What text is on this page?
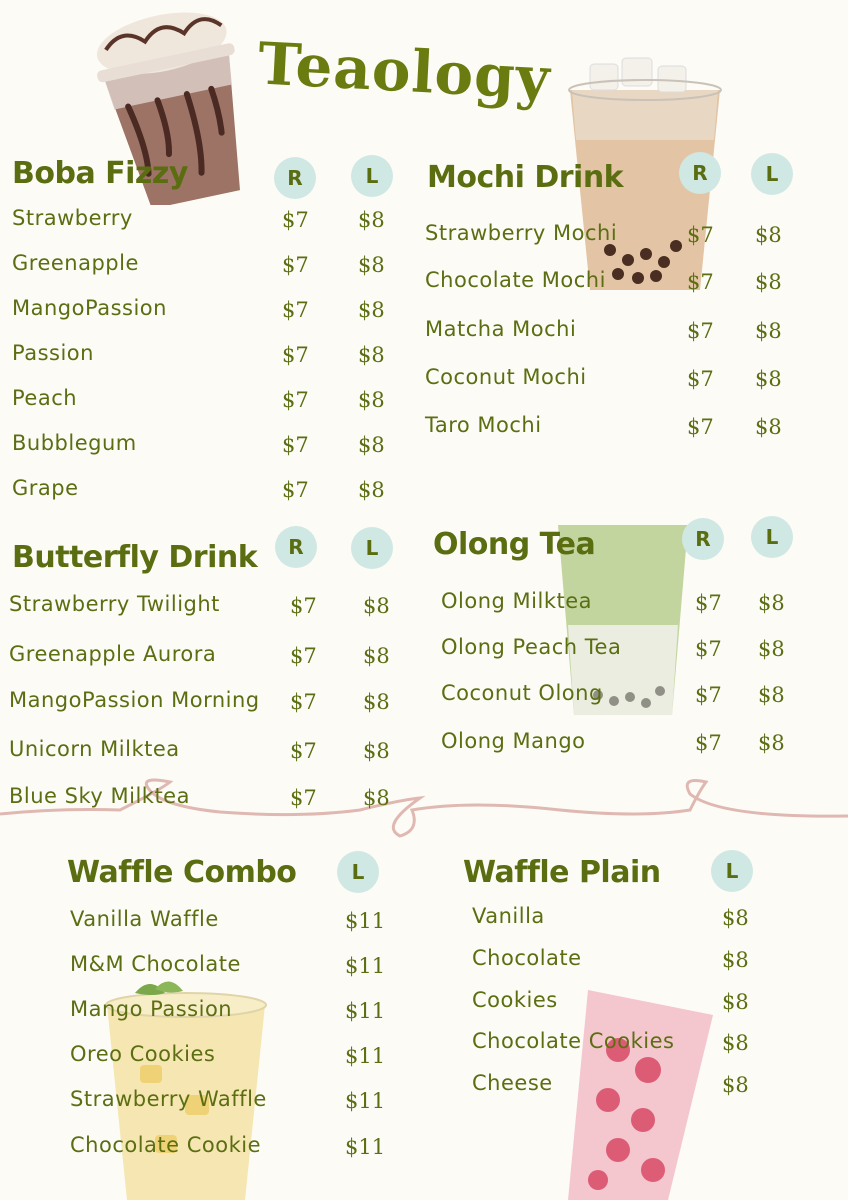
Teaology
Boba Fizzy	R	L
Strawberry	$7 $8
Greenapple	$7 $8
MangoPassion	$7 $8
Passion	$7 $8
Peach	$7 $8
Bubblegum	$7 $8
Grape	$7 $8
Mochi Drink	R	L
Strawberry Mochi	$7 $8
Chocolate Mochi	$7 $8
Matcha Mochi	$7 $8
Coconut Mochi	$7 $8
Taro Mochi	$7 $8
Butterfly Drink	R	L
Strawberry Twilight	$7 $8
Greenapple Aurora	$7 $8
MangoPassion Morning $7 $8
Unicorn Milktea	$7 $8
Blue Sky Milktea	$7 $8
Olong Tea	R	L
Olong Milktea	$7 $8
Olong Peach Tea	$7 $8
Coconut Olong	$7 $8
Olong Mango	$7 $8
Waffle Combo	L
Vanilla Waffle	$11
M&M Chocolate	$11
Mango Passion	$11
Oreo Cookies	$11
Strawberry Waffle	$11
Chocolate Cookie	$11
Waffle Plain	L
Vanilla	$8
Chocolate	$8
Cookies	$8
Chocolate Cookies $8
Cheese	$8
